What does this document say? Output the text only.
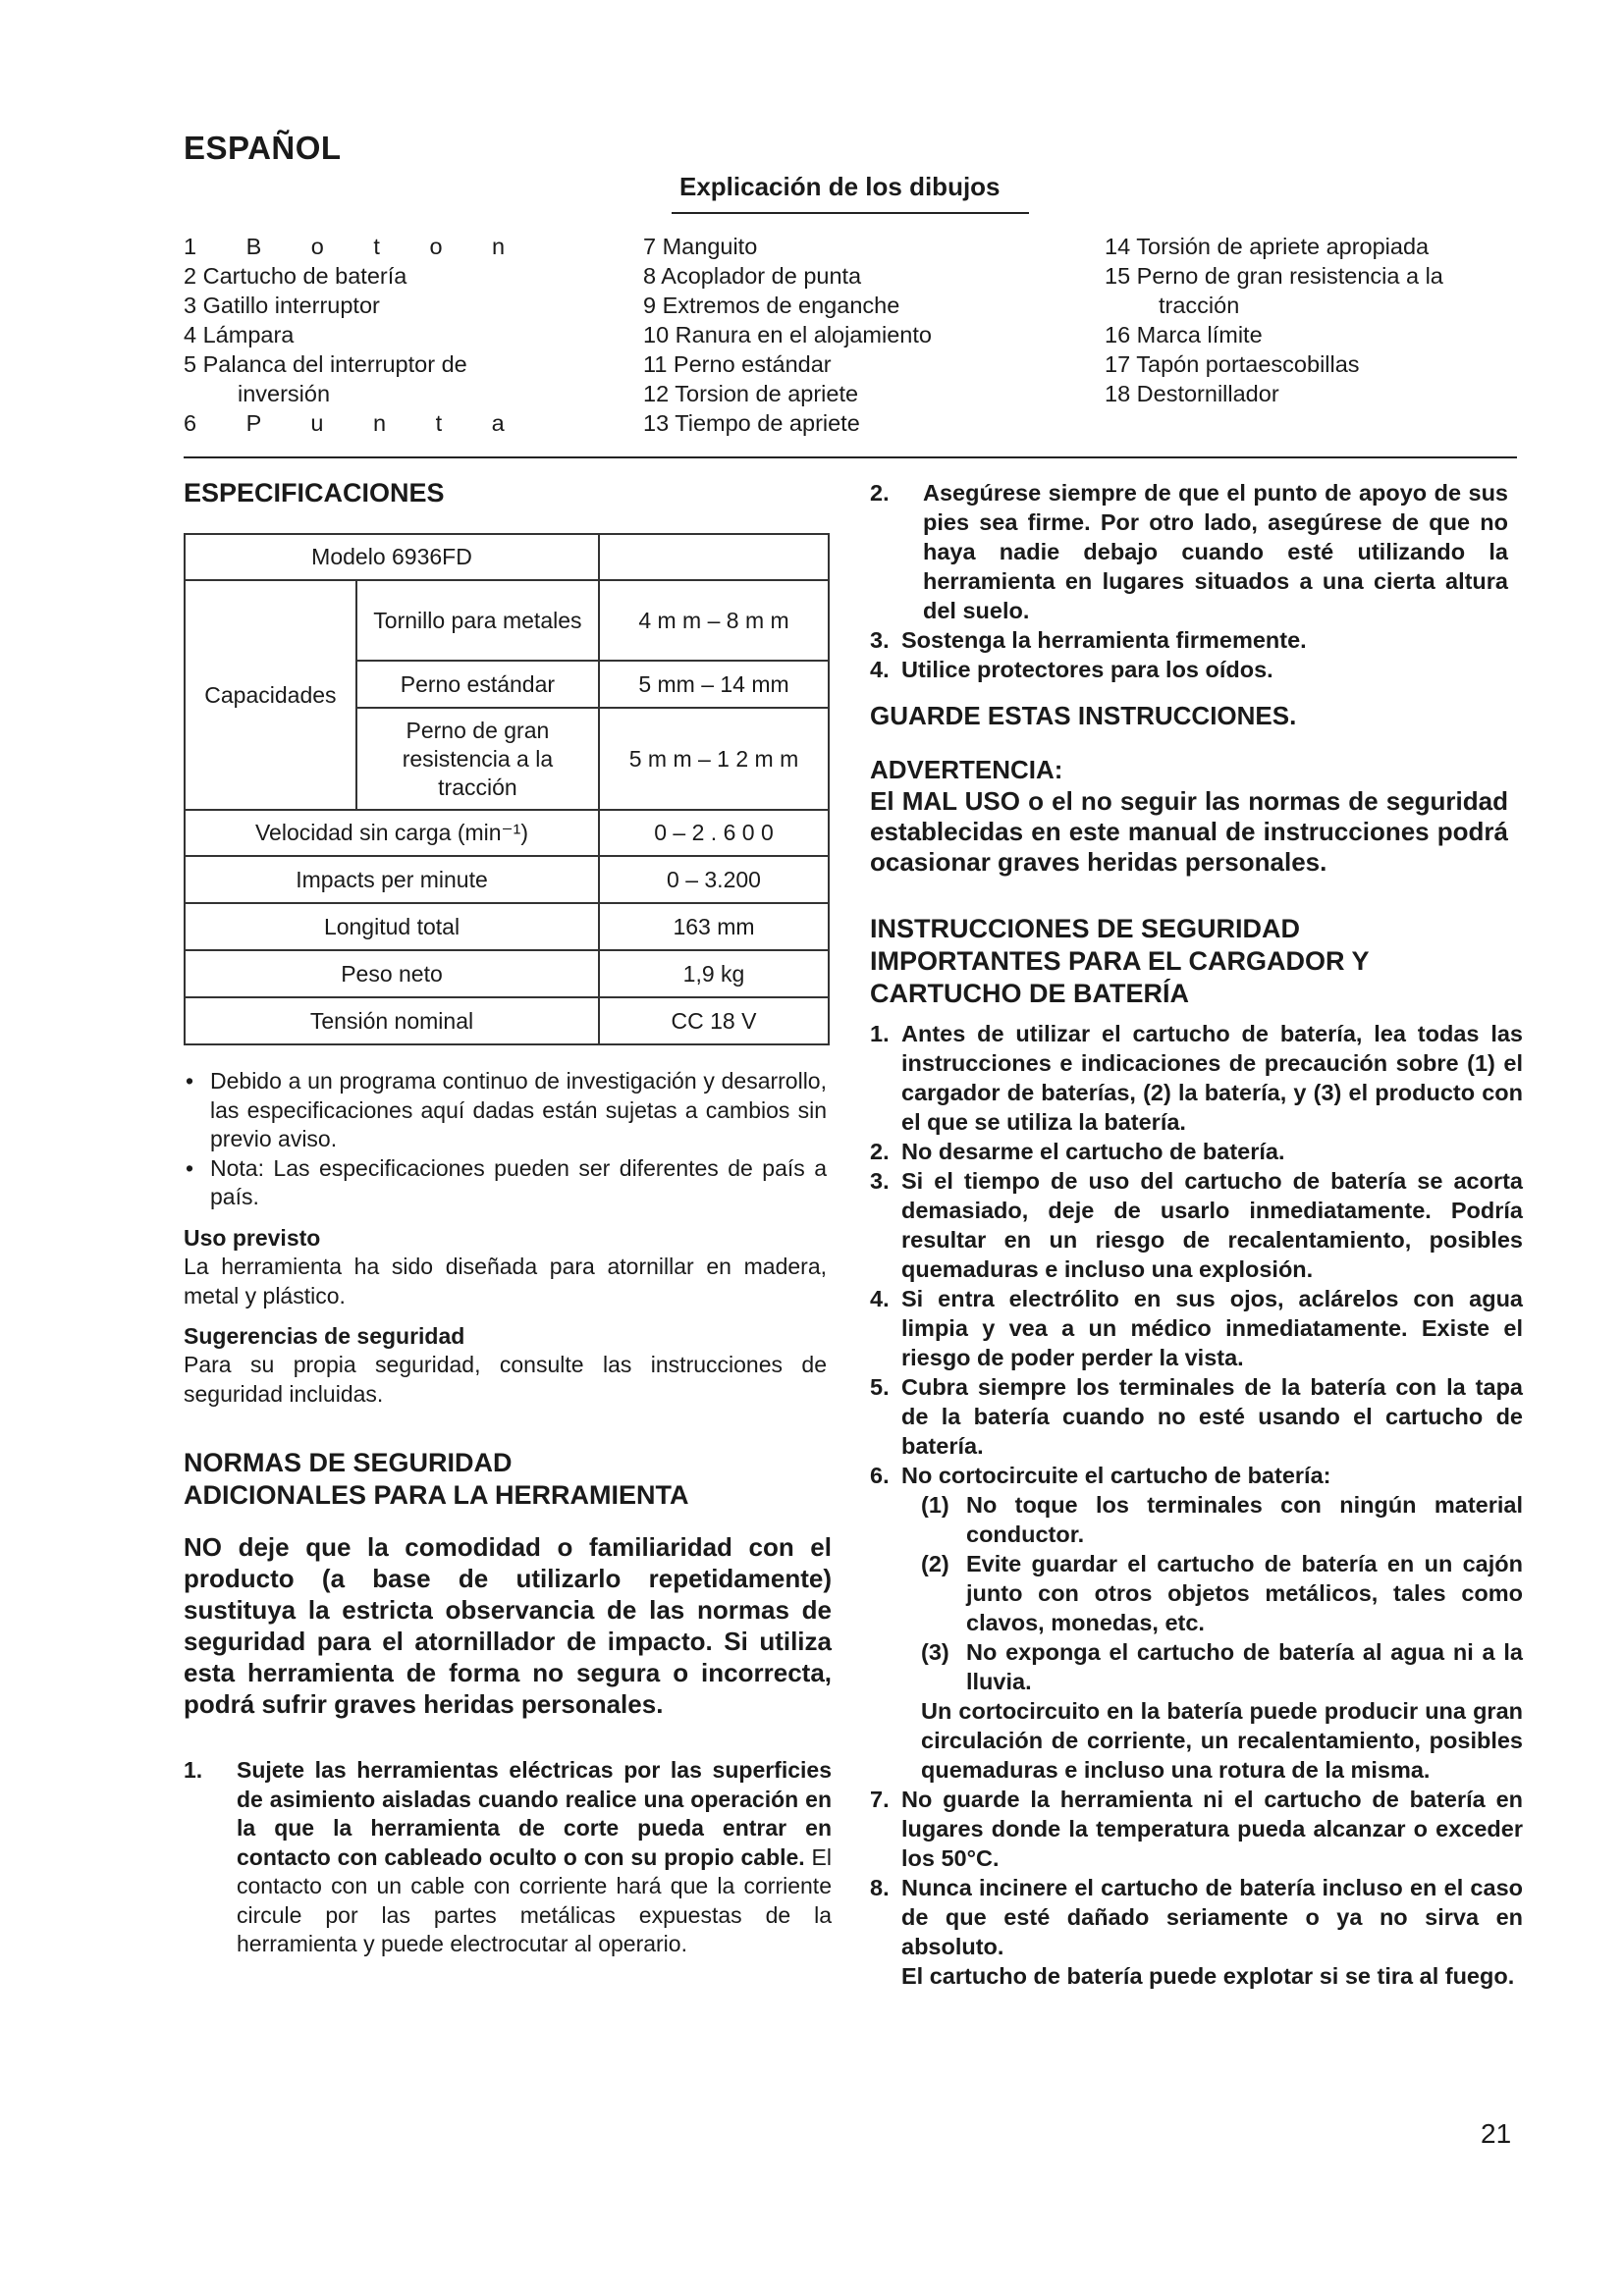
ESPAÑOL
Explicación de los dibujos
1 B o t o n
2 Cartucho de batería
3 Gatillo interruptor
4 Lámpara
5 Palanca del interruptor de
inversión
6 P u n t a
7 Manguito
8 Acoplador de punta
9 Extremos de enganche
10 Ranura en el alojamiento
11 Perno estándar
12 Torsion de apriete
13 Tiempo de apriete
14 Torsión de apriete apropiada
15 Perno de gran resistencia a la
tracción
16 Marca límite
17 Tapón portaescobillas
18 Destornillador
ESPECIFICACIONES
Modelo 6936FD		
Capacidades	Tornillo para metales	4 m m – 8 m m
	Perno estándar	5 mm – 14 mm
	Perno de gran resistencia a la tracción	5 m m – 1 2 m m
Velocidad sin carga (min⁻¹)		0 – 2 . 6 0 0
Impacts per minute		0 – 3.200
Longitud total		163 mm
Peso neto		1,9 kg
Tensión nominal		CC 18 V
• Debido a un programa continuo de investigación y desarrollo, las especificaciones aquí dadas están sujetas a cambios sin previo aviso.
• Nota: Las especificaciones pueden ser diferentes de país a país.
Uso previsto
La herramienta ha sido diseñada para atornillar en madera, metal y plástico.
Sugerencias de seguridad
Para su propia seguridad, consulte las instrucciones de seguridad incluidas.
NORMAS DE SEGURIDAD
ADICIONALES PARA LA HERRAMIENTA
NO deje que la comodidad o familiaridad con el producto (a base de utilizarlo repetidamente) sustituya la estricta observancia de las normas de seguridad para el atornillador de impacto. Si utiliza esta herramienta de forma no segura o incorrecta, podrá sufrir graves heridas personales.
1. Sujete las herramientas eléctricas por las superficies de asimiento aisladas cuando realice una operación en la que la herramienta de corte pueda entrar en contacto con cableado oculto o con su propio cable. El contacto con un cable con corriente hará que la corriente circule por las partes metálicas expuestas de la herramienta y puede electrocutar al operario.
2. Asegúrese siempre de que el punto de apoyo de sus pies sea firme. Por otro lado, asegúrese de que no haya nadie debajo cuando esté utilizando la herramienta en lugares situados a una cierta altura del suelo.
3. Sostenga la herramienta firmemente.
4. Utilice protectores para los oídos.
GUARDE ESTAS INSTRUCCIONES.
ADVERTENCIA:
El MAL USO o el no seguir las normas de seguridad establecidas en este manual de instrucciones podrá ocasionar graves heridas personales.
INSTRUCCIONES DE SEGURIDAD
IMPORTANTES PARA EL CARGADOR Y
CARTUCHO DE BATERÍA
1. Antes de utilizar el cartucho de batería, lea todas las instrucciones e indicaciones de precaución sobre (1) el cargador de baterías, (2) la batería, y (3) el producto con el que se utiliza la batería.
2. No desarme el cartucho de batería.
3. Si el tiempo de uso del cartucho de batería se acorta demasiado, deje de usarlo inmediatamente. Podría resultar en un riesgo de recalentamiento, posibles quemaduras e incluso una explosión.
4. Si entra electrólito en sus ojos, aclárelos con agua limpia y vea a un médico inmediatamente. Existe el riesgo de poder perder la vista.
5. Cubra siempre los terminales de la batería con la tapa de la batería cuando no esté usando el cartucho de batería.
6. No cortocircuite el cartucho de batería:
(1) No toque los terminales con ningún material conductor.
(2) Evite guardar el cartucho de batería en un cajón junto con otros objetos metálicos, tales como clavos, monedas, etc.
(3) No exponga el cartucho de batería al agua ni a la lluvia.
Un cortocircuito en la batería puede producir una gran circulación de corriente, un recalentamiento, posibles quemaduras e incluso una rotura de la misma.
7. No guarde la herramienta ni el cartucho de batería en lugares donde la temperatura pueda alcanzar o exceder los 50°C.
8. Nunca incinere el cartucho de batería incluso en el caso de que esté dañado seriamente o ya no sirva en absoluto.
El cartucho de batería puede explotar si se tira al fuego.
21
